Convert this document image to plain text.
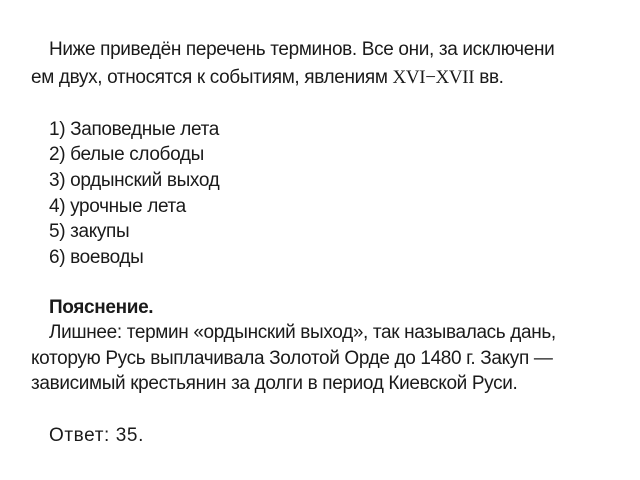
Ниже приведён перечень терминов. Все они, за исключени
ем двух, относятся к событиям, явлениям XVI−XVII вв.
1) Заповедные лета
2) белые слободы
3) ордынский выход
4) урочные лета
5) закупы
6) воеводы
Пояснение.
Лишнее: термин «ордынский выход», так называлась дань,
которую Русь выплачивала Золотой Орде до 1480 г. Закуп —
зависимый крестьянин за долги в период Киевской Руси.
Ответ: 35.
